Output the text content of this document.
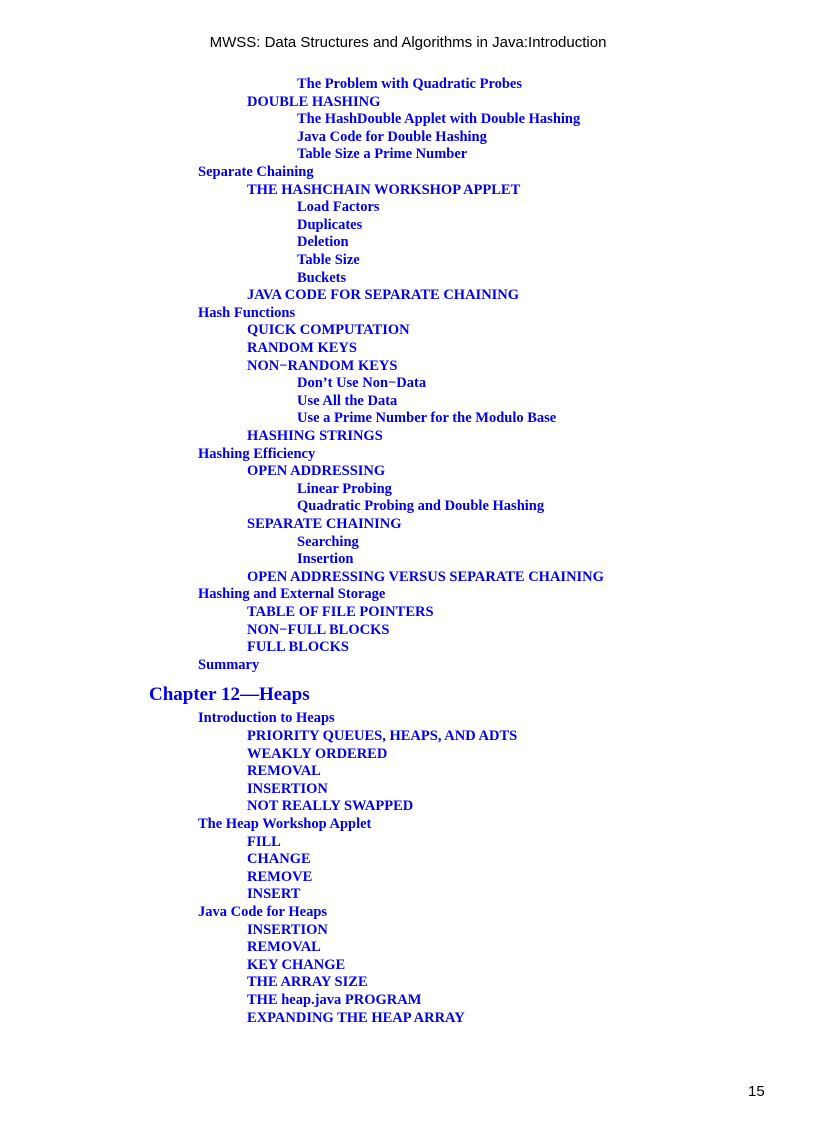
MWSS: Data Structures and Algorithms in Java:Introduction
The Problem with Quadratic Probes
DOUBLE HASHING
The HashDouble Applet with Double Hashing
Java Code for Double Hashing
Table Size a Prime Number
Separate Chaining
THE HASHCHAIN WORKSHOP APPLET
Load Factors
Duplicates
Deletion
Table Size
Buckets
JAVA CODE FOR SEPARATE CHAINING
Hash Functions
QUICK COMPUTATION
RANDOM KEYS
NON−RANDOM KEYS
Don’t Use Non−Data
Use All the Data
Use a Prime Number for the Modulo Base
HASHING STRINGS
Hashing Efficiency
OPEN ADDRESSING
Linear Probing
Quadratic Probing and Double Hashing
SEPARATE CHAINING
Searching
Insertion
OPEN ADDRESSING VERSUS SEPARATE CHAINING
Hashing and External Storage
TABLE OF FILE POINTERS
NON−FULL BLOCKS
FULL BLOCKS
Summary
Chapter 12—Heaps
Introduction to Heaps
PRIORITY QUEUES, HEAPS, AND ADTS
WEAKLY ORDERED
REMOVAL
INSERTION
NOT REALLY SWAPPED
The Heap Workshop Applet
FILL
CHANGE
REMOVE
INSERT
Java Code for Heaps
INSERTION
REMOVAL
KEY CHANGE
THE ARRAY SIZE
THE heap.java PROGRAM
EXPANDING THE HEAP ARRAY
15
